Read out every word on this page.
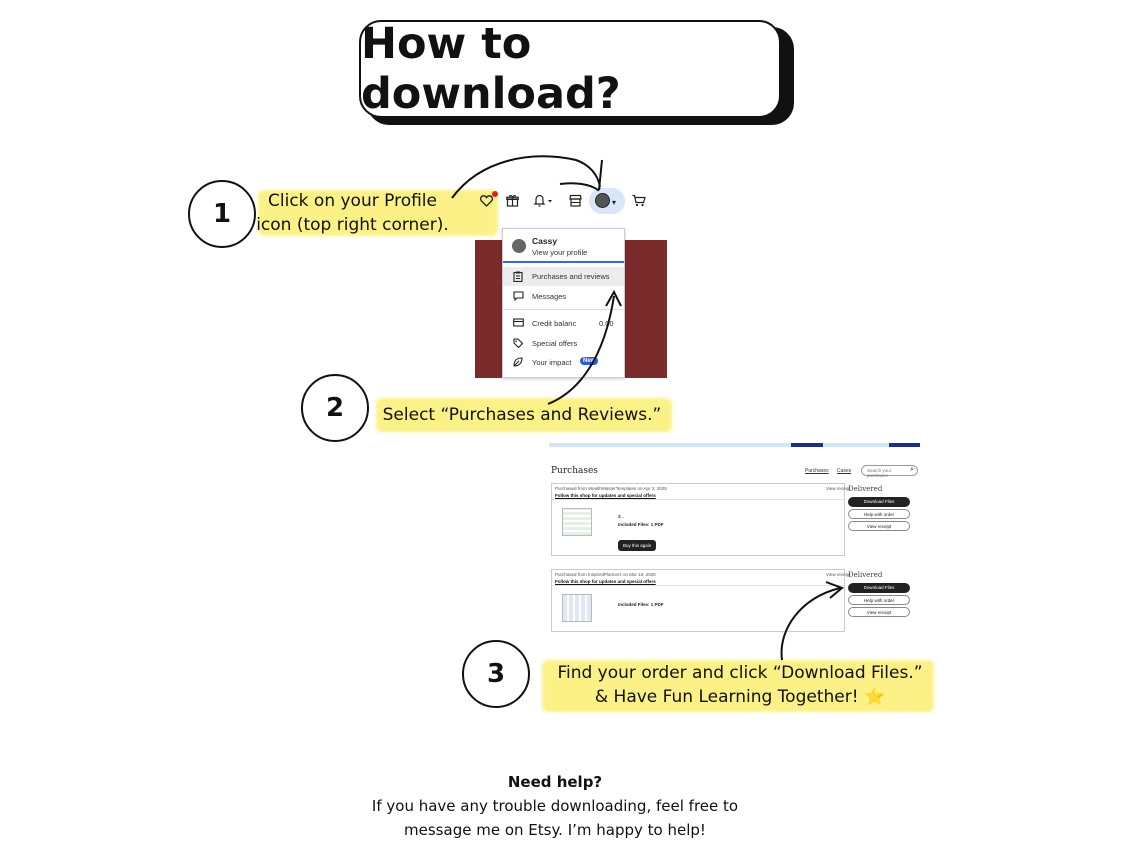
How to download?
1	Click on your Profile
icon (top right corner).
▾
Cassy
View your profile
Purchases and reviews
Messages
Credit balanc	0.00
Special offers
Your impact	New
2	Select “Purchases and Reviews.”
Purchases	Purchases Cases	Search your purchases
⌕
Purchased from WealthMasterTemplates on Apr 3, 2025	View receipt
Follow this shop for updates and special offers
$...
Included Files: 1 PDF
Buy this again
Delivered
Download Files
Help with order
View receipt
Purchased from InspiredPlannerz on Mar 18, 2025	View receipt
Follow this shop for updates and special offers
Included Files: 1 PDF
Delivered
Download Files
Help with order
View receipt
3	Find your order and click “Download Files.”
& Have Fun Learning Together! ⭐
Need help?
If you have any trouble downloading, feel free to
message me on Etsy. I’m happy to help!
